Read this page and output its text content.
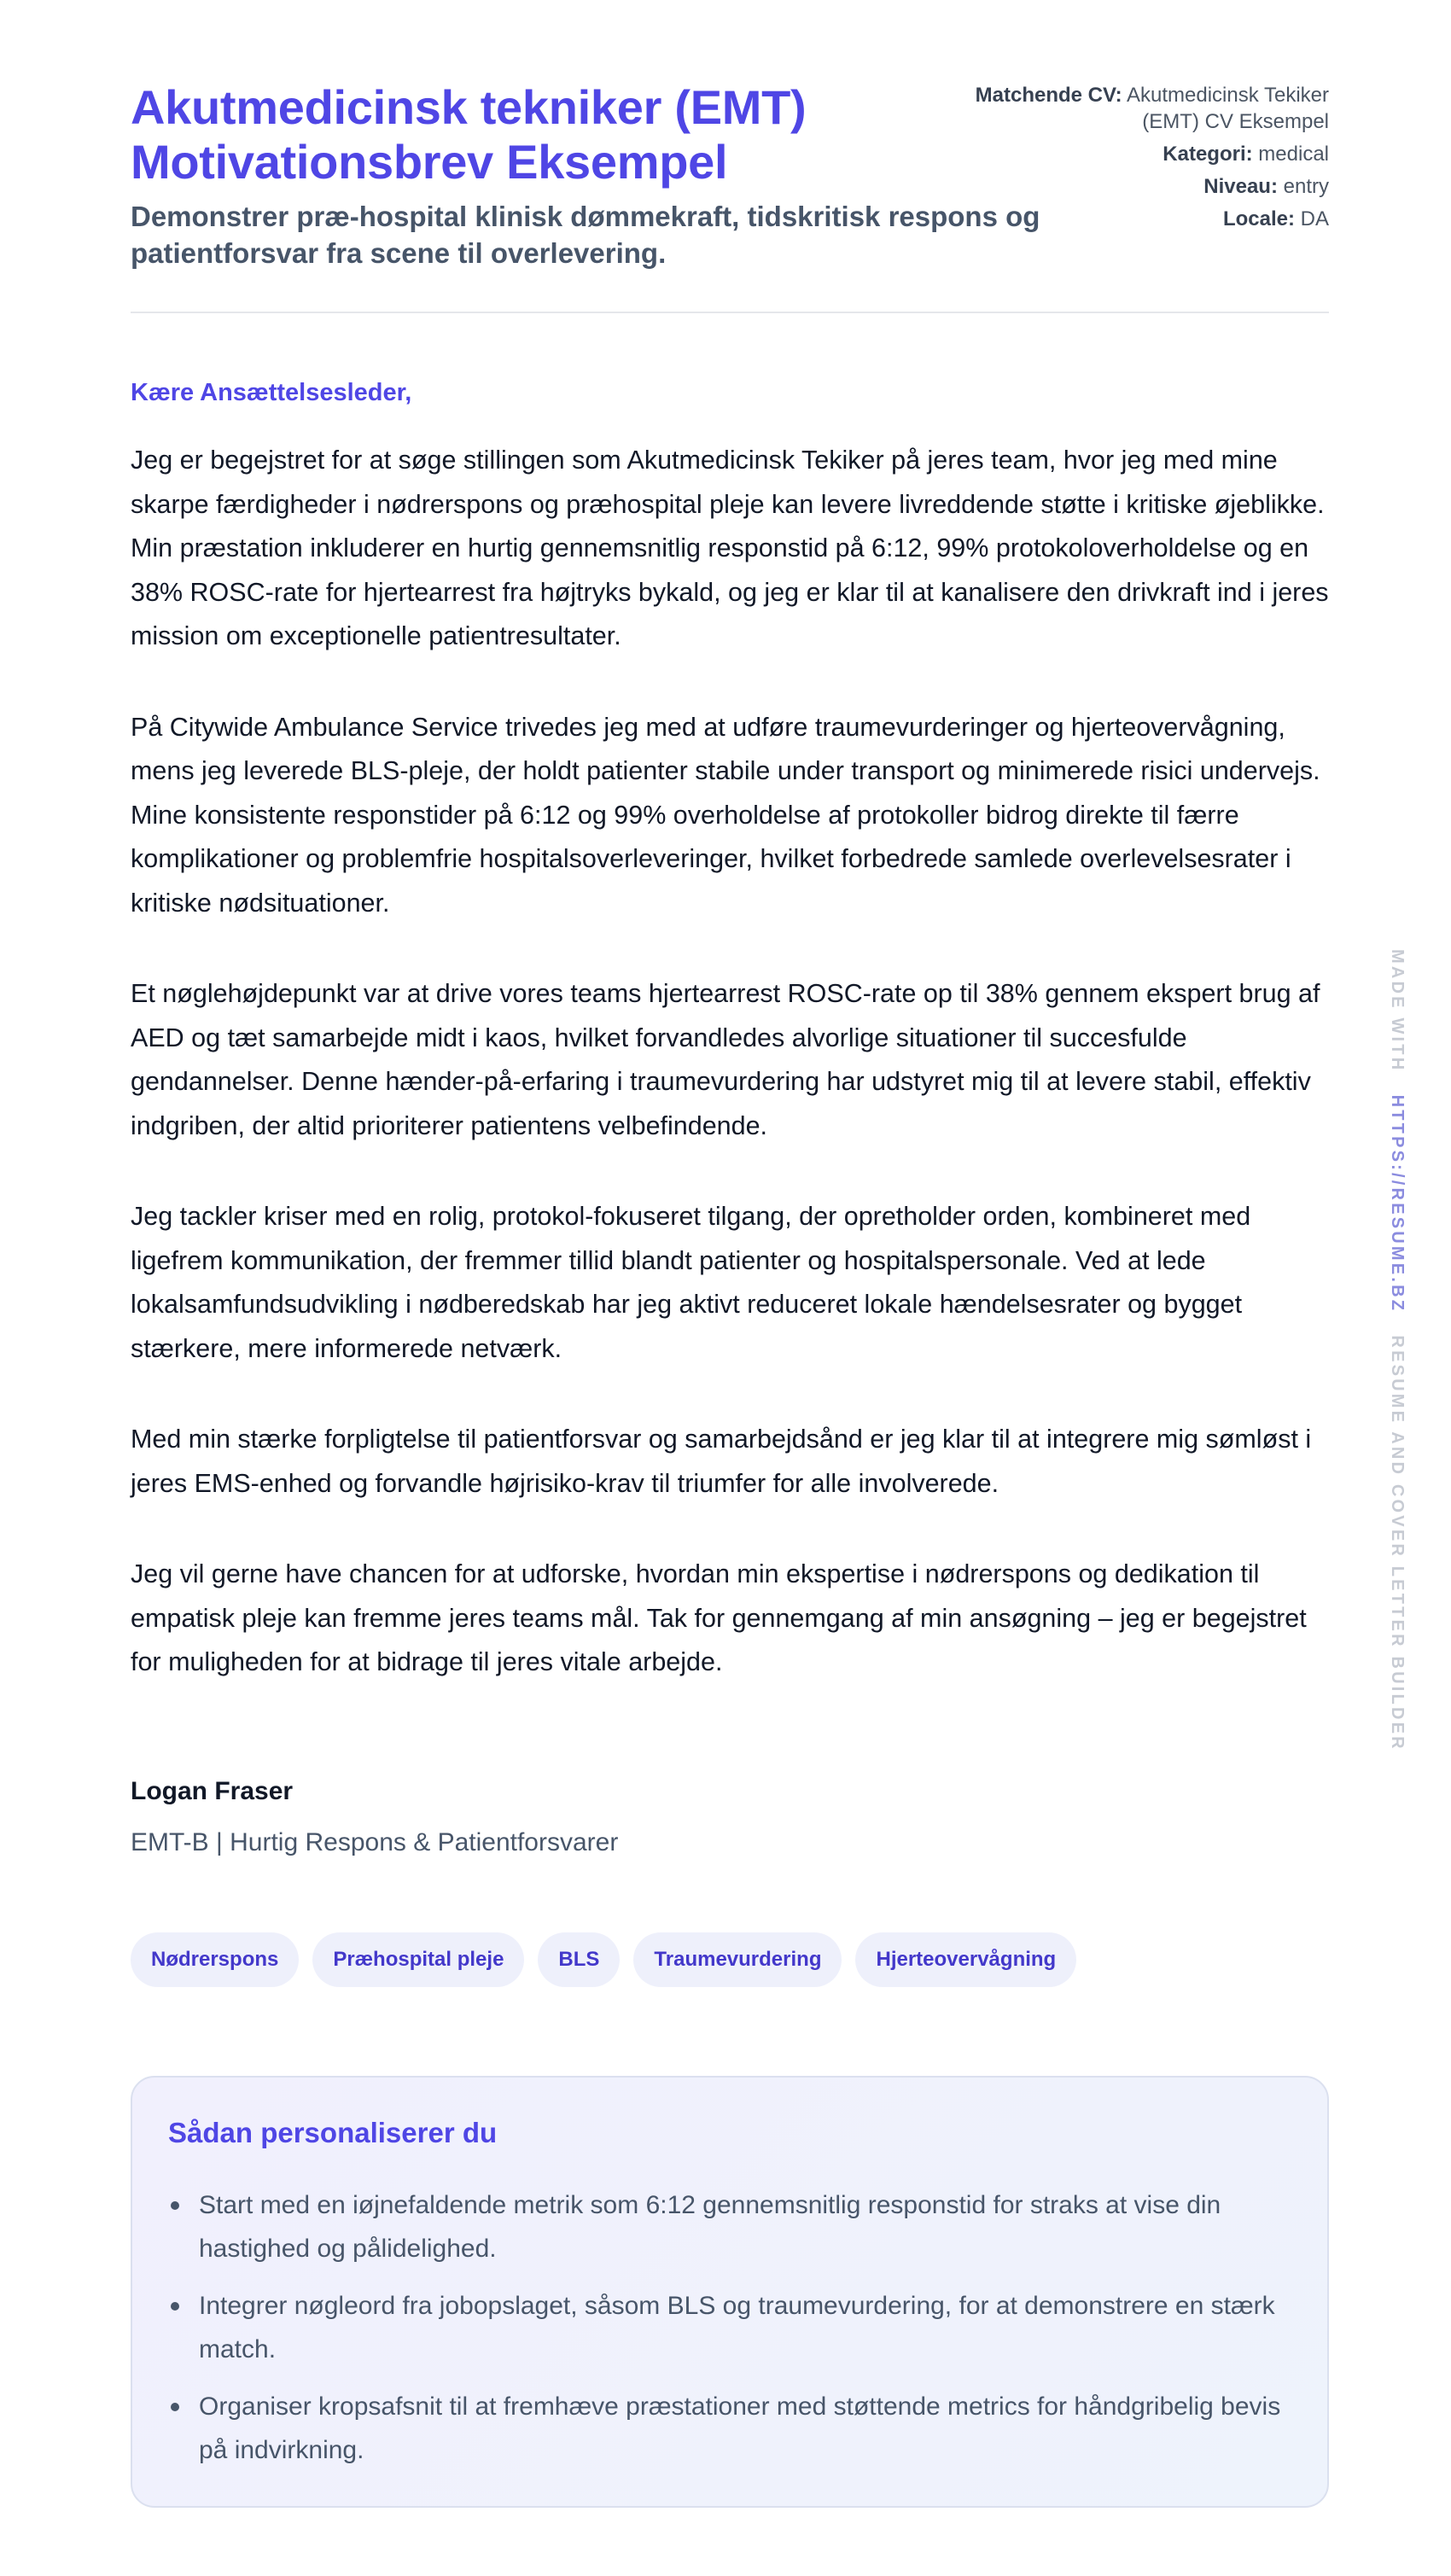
Akutmedicinsk tekniker (EMT) Motivationsbrev Eksempel
Demonstrer præ-hospital klinisk dømmekraft, tidskritisk respons og patientforsvar fra scene til overlevering.
Matchende CV: Akutmedicinsk Tekiker (EMT) CV Eksempel
Kategori: medical
Niveau: entry
Locale: DA

Kære Ansættelsesleder,

Jeg er begejstret for at søge stillingen som Akutmedicinsk Tekiker på jeres team, hvor jeg med mine skarpe færdigheder i nødrerspons og præhospital pleje kan levere livreddende støtte i kritiske øjeblikke. Min præstation inkluderer en hurtig gennemsnitlig responstid på 6:12, 99% protokoloverholdelse og en 38% ROSC-rate for hjertearrest fra højtryks bykald, og jeg er klar til at kanalisere den drivkraft ind i jeres mission om exceptionelle patientresultater.

På Citywide Ambulance Service trivedes jeg med at udføre traumevurderinger og hjerteovervågning, mens jeg leverede BLS-pleje, der holdt patienter stabile under transport og minimerede risici undervejs. Mine konsistente responstider på 6:12 og 99% overholdelse af protokoller bidrog direkte til færre komplikationer og problemfrie hospitalsoverleveringer, hvilket forbedrede samlede overlevelsesrater i kritiske nødsituationer.

Et nøglehøjdepunkt var at drive vores teams hjertearrest ROSC-rate op til 38% gennem ekspert brug af AED og tæt samarbejde midt i kaos, hvilket forvandledes alvorlige situationer til succesfulde gendannelser. Denne hænder-på-erfaring i traumevurdering har udstyret mig til at levere stabil, effektiv indgriben, der altid prioriterer patientens velbefindende.

Jeg tackler kriser med en rolig, protokol-fokuseret tilgang, der opretholder orden, kombineret med ligefrem kommunikation, der fremmer tillid blandt patienter og hospitalspersonale. Ved at lede lokalsamfundsudvikling i nødberedskab har jeg aktivt reduceret lokale hændelsesrater og bygget stærkere, mere informerede netværk.

Med min stærke forpligtelse til patientforsvar og samarbejdsånd er jeg klar til at integrere mig sømløst i jeres EMS-enhed og forvandle højrisiko-krav til triumfer for alle involverede.

Jeg vil gerne have chancen for at udforske, hvordan min ekspertise i nødrerspons og dedikation til empatisk pleje kan fremme jeres teams mål. Tak for gennemgang af min ansøgning – jeg er begejstret for muligheden for at bidrage til jeres vitale arbejde.

Logan Fraser

EMT-B | Hurtig Respons & Patientforsvarer

Nødrerspons	Præhospital pleje	BLS	Traumevurdering	Hjerteovervågning
Sådan personaliserer du
Start med en iøjnefaldende metrik som 6:12 gennemsnitlig responstid for straks at vise din hastighed og pålidelighed.
Integrer nøgleord fra jobopslaget, såsom BLS og traumevurdering, for at demonstrere en stærk match.
Organiser kropsafsnit til at fremhæve præstationer med støttende metrics for håndgribelig bevis på indvirkning.
MADE WITH   HTTPS://RESUME.BZ   RESUME AND COVER LETTER BUILDER
